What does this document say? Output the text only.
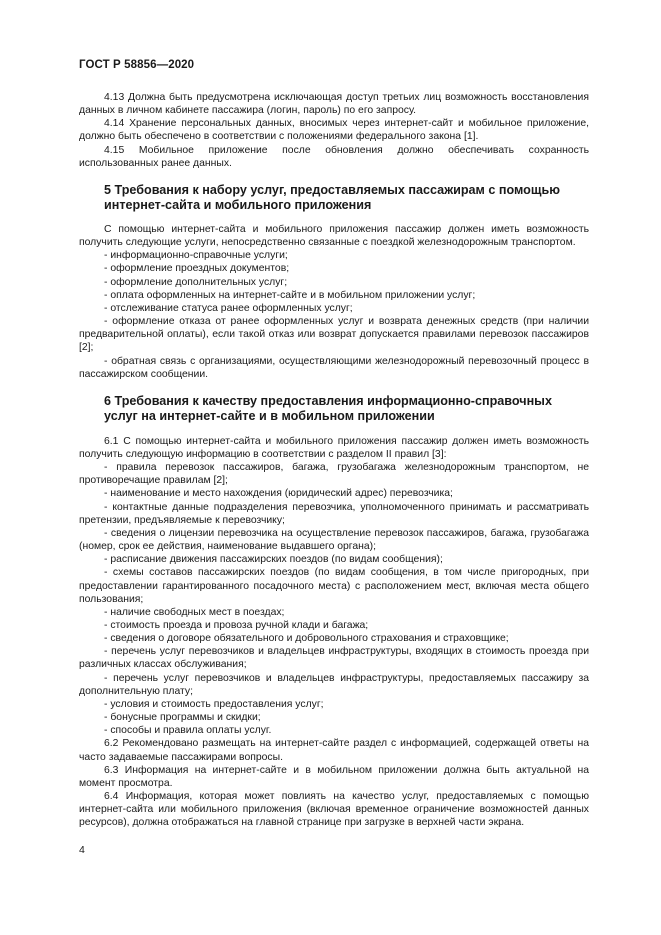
ГОСТ Р 58856—2020

4.13 Должна быть предусмотрена исключающая доступ третьих лиц возможность восстановления данных в личном кабинете пассажира (логин, пароль) по его запросу.

4.14 Хранение персональных данных, вносимых через интернет-сайт и мобильное приложение, должно быть обеспечено в соответствии с положениями федерального закона [1].

4.15 Мобильное приложение после обновления должно обеспечивать сохранность использованных ранее данных.

5 Требования к набору услуг, предоставляемых пассажирам с помощью интернет-сайта и мобильного приложения

С помощью интернет-сайта и мобильного приложения пассажир должен иметь возможность получить следующие услуги, непосредственно связанные с поездкой железнодорожным транспортом.

- информационно-справочные услуги;

- оформление проездных документов;

- оформление дополнительных услуг;

- оплата оформленных на интернет-сайте и в мобильном приложении услуг;

- отслеживание статуса ранее оформленных услуг;

- оформление отказа от ранее оформленных услуг и возврата денежных средств (при наличии предварительной оплаты), если такой отказ или возврат допускается правилами перевозок пассажиров [2];

- обратная связь с организациями, осуществляющими железнодорожный перевозочный процесс в пассажирском сообщении.

6 Требования к качеству предоставления информационно-справочных услуг на интернет-сайте и в мобильном приложении

6.1 С помощью интернет-сайта и мобильного приложения пассажир должен иметь возможность получить следующую информацию в соответствии с разделом II правил [3]:

- правила перевозок пассажиров, багажа, грузобагажа железнодорожным транспортом, не противоречащие правилам [2];

- наименование и место нахождения (юридический адрес) перевозчика;

- контактные данные подразделения перевозчика, уполномоченного принимать и рассматривать претензии, предъявляемые к перевозчику;

- сведения о лицензии перевозчика на осуществление перевозок пассажиров, багажа, грузобагажа (номер, срок ее действия, наименование выдавшего органа);

- расписание движения пассажирских поездов (по видам сообщения);

- схемы составов пассажирских поездов (по видам сообщения, в том числе пригородных, при предоставлении гарантированного посадочного места) с расположением мест, включая места общего пользования;

- наличие свободных мест в поездах;

- стоимость проезда и провоза ручной клади и багажа;

- сведения о договоре обязательного и добровольного страхования и страховщике;

- перечень услуг перевозчиков и владельцев инфраструктуры, входящих в стоимость проезда при различных классах обслуживания;

- перечень услуг перевозчиков и владельцев инфраструктуры, предоставляемых пассажиру за дополнительную плату;

- условия и стоимость предоставления услуг;

- бонусные программы и скидки;

- способы и правила оплаты услуг.

6.2 Рекомендовано размещать на интернет-сайте раздел с информацией, содержащей ответы на часто задаваемые пассажирами вопросы.

6.3 Информация на интернет-сайте и в мобильном приложении должна быть актуальной на момент просмотра.

6.4 Информация, которая может повлиять на качество услуг, предоставляемых с помощью интернет-сайта или мобильного приложения (включая временное ограничение возможностей данных ресурсов), должна отображаться на главной странице при загрузке в верхней части экрана.

4
